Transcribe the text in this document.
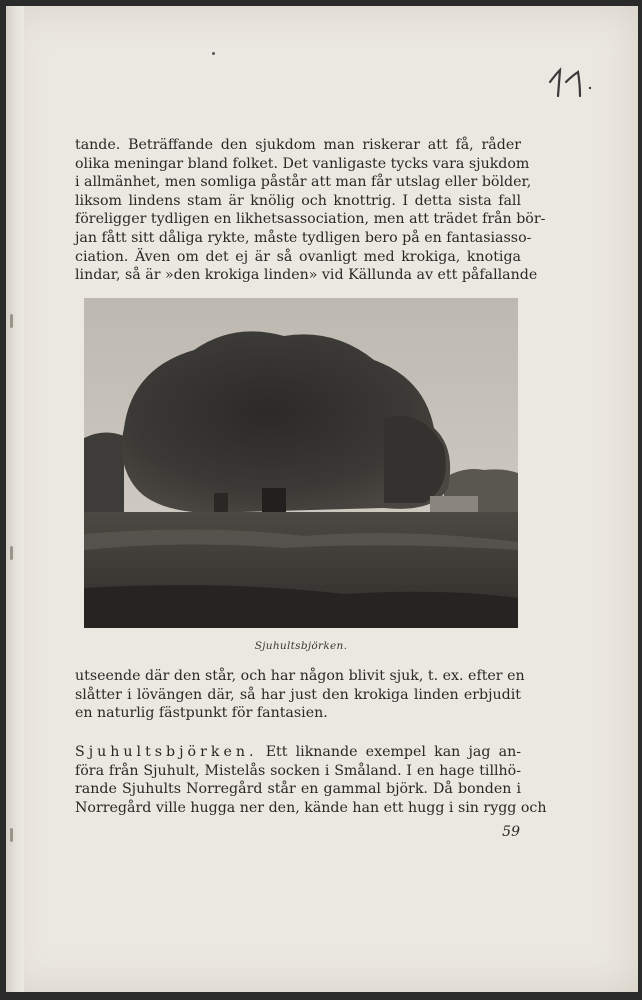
tande. Beträffande den sjukdom man riskerar att få, råder
olika meningar bland folket. Det vanligaste tycks vara sjukdom
i allmänhet, men somliga påstår att man får utslag eller bölder,
liksom lindens stam är knölig och knottrig. I detta sista fall
föreligger tydligen en likhetsassociation, men att trädet från bör-
jan fått sitt dåliga rykte, måste tydligen bero på en fantasiasso-
ciation. Även om det ej är så ovanligt med krokiga, knotiga
lindar, så är »den krokiga linden» vid Källunda av ett påfallande
Sjuhultsbjörken.
utseende där den står, och har någon blivit sjuk, t. ex. efter en
slåtter i lövängen där, så har just den krokiga linden erbjudit
en naturlig fästpunkt för fantasien.
Sjuhultsbjörken. Ett liknande exempel kan jag an-
föra från Sjuhult, Mistelås socken i Småland. I en hage tillhö-
rande Sjuhults Norregård står en gammal björk. Då bonden i
Norregård ville hugga ner den, kände han ett hugg i sin rygg och
59
